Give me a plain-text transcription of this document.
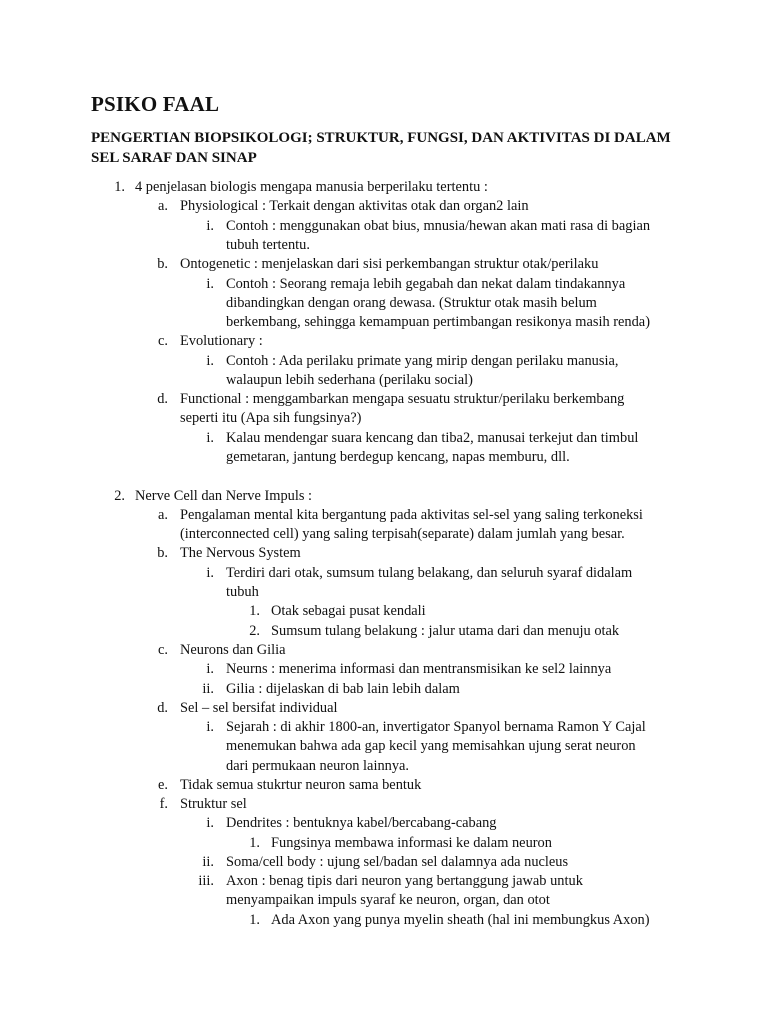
PSIKO FAAL
PENGERTIAN BIOPSIKOLOGI; STRUKTUR, FUNGSI, DAN AKTIVITAS DI DALAM
SEL SARAF DAN SINAP
1. 4 penjelasan biologis mengapa manusia berperilaku tertentu :
a. Physiological : Terkait dengan aktivitas otak dan organ2 lain
i. Contoh : menggunakan obat bius, mnusia/hewan akan mati rasa di bagian
tubuh tertentu.
b. Ontogenetic : menjelaskan dari sisi perkembangan struktur otak/perilaku
i. Contoh : Seorang remaja lebih gegabah dan nekat dalam tindakannya
dibandingkan dengan orang dewasa. (Struktur otak masih belum
berkembang, sehingga kemampuan pertimbangan resikonya masih renda)
c. Evolutionary :
i. Contoh : Ada perilaku primate yang mirip dengan perilaku manusia,
walaupun lebih sederhana (perilaku social)
d. Functional : menggambarkan mengapa sesuatu struktur/perilaku berkembang
seperti itu (Apa sih fungsinya?)
i. Kalau mendengar suara kencang dan tiba2, manusai terkejut dan timbul
gemetaran, jantung berdegup kencang, napas memburu, dll.
2. Nerve Cell dan Nerve Impuls :
a. Pengalaman mental kita bergantung pada aktivitas sel-sel yang saling terkoneksi
(interconnected cell) yang saling terpisah(separate) dalam jumlah yang besar.
b. The Nervous System
i. Terdiri dari otak, sumsum tulang belakang, dan seluruh syaraf didalam
tubuh
1. Otak sebagai pusat kendali
2. Sumsum tulang belakung : jalur utama dari dan menuju otak
c. Neurons dan Gilia
i. Neurns : menerima informasi dan mentransmisikan ke sel2 lainnya
ii. Gilia : dijelaskan di bab lain lebih dalam
d. Sel – sel bersifat individual
i. Sejarah : di akhir 1800-an, invertigator Spanyol bernama Ramon Y Cajal
menemukan bahwa ada gap kecil yang memisahkan ujung serat neuron
dari permukaan neuron lainnya.
e. Tidak semua stukrtur neuron sama bentuk
f. Struktur sel
i. Dendrites : bentuknya kabel/bercabang-cabang
1. Fungsinya membawa informasi ke dalam neuron
ii. Soma/cell body : ujung sel/badan sel dalamnya ada nucleus
iii. Axon : benag tipis dari neuron yang bertanggung jawab untuk
menyampaikan impuls syaraf ke neuron, organ, dan otot
1. Ada Axon yang punya myelin sheath (hal ini membungkus Axon)
